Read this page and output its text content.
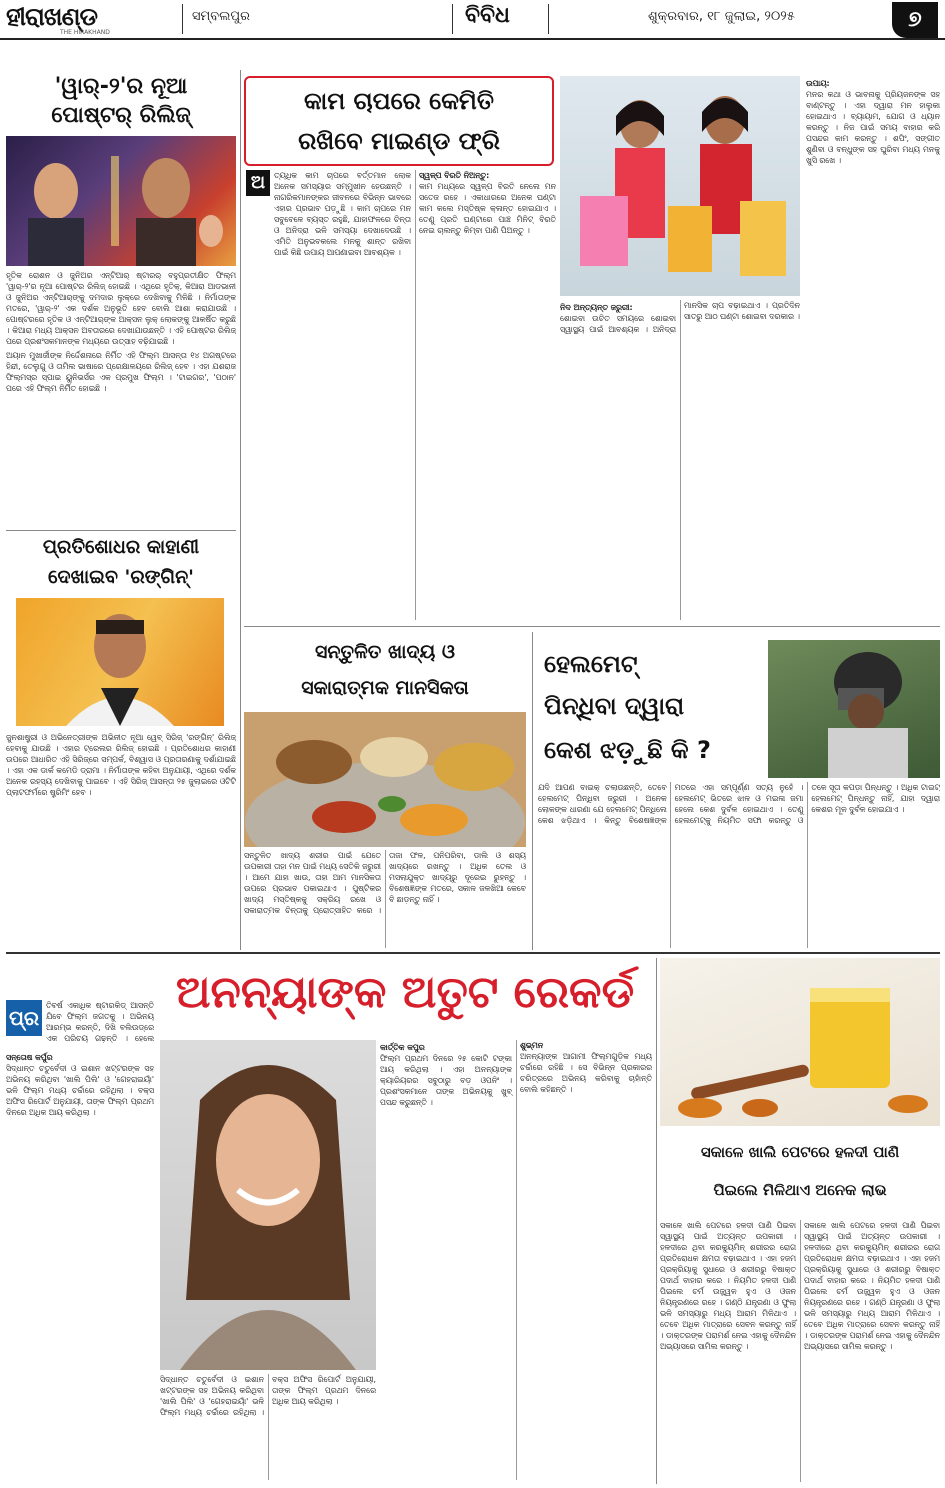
ହୀରାଖଣ୍ଡ
THE HIRAKHAND
ସମ୍ବଲପୁର	ବିବିଧ	ଶୁକ୍ରବାର, ୧୮ ଜୁଲାଇ, ୨୦୨୫	୭
'ୱାର୍-୨'ର ନୂଆ
ପୋଷ୍ଟର୍ ରିଲିଜ୍

ହୃତିକ ରୋଶନ ଓ ଜୁନିଅର ଏନ୍‌ଟିଆର୍ ଷ୍ଟାରର୍ ବହୁପ୍ରତୀକ୍ଷିତ ଫିଲ୍ମ 'ୱାର୍-୨'ର ନୂଆ ପୋଷ୍ଟର ରିଲିଜ୍ ହୋଇଛି । ଏଥିରେ ହୃତିକ୍, କିଆରା ଆଡଭାନୀ ଓ ଜୁନିଅର ଏନ୍‌ଟିଆର୍‌ଙ୍କୁ ଦମଦାର ଲୁକ୍‌ରେ ଦେଖିବାକୁ ମିଳିଛି । ନିର୍ମାତାଙ୍କ ମତରେ, 'ୱାର୍-୨' ଏକ ଦର୍ଶକ ଅନୁଭୂତି ହେବ ବୋଲି ଆଶା କରାଯାଉଛି । ପୋଷ୍ଟରରେ ହୃତିକ ଓ ଏନ୍‌ଟିଆର୍‌ଙ୍କ ଆକ୍ସନ ଲୁକ୍ ଲୋକଙ୍କୁ ଆକର୍ଷିତ କରୁଛି । କିଆରା ମଧ୍ୟ ଆକ୍ସନ ଅବତାରରେ ଦେଖାଯାଉଛନ୍ତି । ଏହି ପୋଷ୍ଟର ରିଲିଜ୍ ପରେ ପ୍ରଶଂସକମାନଙ୍କ ମଧ୍ୟରେ ଉତ୍ସାହ ବଢ଼ିଯାଇଛି ।

ଅୟାନ ମୁଖାର୍ଜୀଙ୍କ ନିର୍ଦ୍ଦେଶନାରେ ନିର୍ମିତ ଏହି ଫିଲ୍ମ ଆସନ୍ତା ୧୪ ଅଗଷ୍ଟରେ ହିନ୍ଦୀ, ତେଲୁଗୁ ଓ ତାମିଲ ଭାଷାରେ ପ୍ରେକ୍ଷାଳୟରେ ରିଲିଜ୍ ହେବ । ଏହା ଯଶରାଜ ଫିଲ୍ମସ୍‌ର ସ୍ପାଇ ୟୁନିଭର୍ସର ଏକ ପ୍ରମୁଖ ଫିଲ୍ମ । 'ଟାଇଗର', 'ପଠାନ' ପରେ ଏହି ଫିଲ୍ମ ନିର୍ମିତ ହୋଇଛି ।

ପ୍ରତିଶୋଧର କାହାଣୀ
ଦେଖାଇବ 'ରଙ୍ଗିନ୍'

ଜୁନଶାଷ୍ଟ୍ରୀ ଓ ଅଭିନେତ୍ରୀଙ୍କ ଅଭିନୀତ ନୂଆ ୱେବ୍ ସିରିଜ୍ 'ରଙ୍ଗିନ୍' ରିଲିଜ୍ ହେବାକୁ ଯାଉଛି । ଏହାର ଟ୍ରେଲର ରିଲିଜ୍ ହୋଇଛି । ପ୍ରତିଶୋଧର କାହାଣୀ ଉପରେ ଆଧାରିତ ଏହି ସିରିଜ୍‌ରେ ସମ୍ପର୍କ, ବିଶ୍ୱାସ ଓ ପ୍ରତାରଣାକୁ ଦର୍ଶାଯାଇଛି । ଏହା ଏକ ଡାର୍କ କମେଡି ଡ୍ରାମା । ନିର୍ମାତାଙ୍କ କହିବା ଅନୁଯାୟୀ, ଏଥିରେ ଦର୍ଶକ ଅନେକ ରହସ୍ୟ ଦେଖିବାକୁ ପାଇବେ । ଏହି ସିରିଜ୍ ଆସନ୍ତା ୨୫ ଜୁଲାଇରେ ଓଟିଟି ପ୍ଲାଟଫର୍ମରେ ଷ୍ଟ୍ରିମିଂ ହେବ ।

କାମ ଚାପରେ କେମିତି
ରଖିବେ ମାଇଣ୍ଡ ଫ୍ରି
ଅ	ତ୍ୟଧିକ କାମ ଚାପରେ ବର୍ତ୍ତମାନ ଲୋକ ଅନେକ ସମସ୍ୟାର ସମ୍ମୁଖୀନ ହେଉଛନ୍ତି । ନାଗରିକମାନଙ୍କର ଜୀବନରେ ବିଭିନ୍ନ ଭାବରେ ଏହାର ପ୍ରଭାବ ପଡ଼ୁଛି । କାମ ଚାପରେ ମନ ସବୁବେଳେ ବ୍ୟସ୍ତ ରହୁଛି, ଯାହାଫଳରେ ଚିନ୍ତା ଓ ଅନିଦ୍ରା ଭଳି ସମସ୍ୟା ଦେଖାଦେଉଛି । ଏମିତି ଅନୁଭବକଲେ ମନକୁ ଶାନ୍ତ ରଖିବା ପାଇଁ କିଛି ଉପାୟ ଆପଣାଇବା ଆବଶ୍ୟକ ।

ସ୍ୱଳ୍ପ ବିରତି ନିଅନ୍ତୁ:

କାମ ମଧ୍ୟରେ ସ୍ୱଳ୍ପ ବିରତି ନେଲେ ମନ ସତେଜ ରହେ । ଏକାଧାରରେ ଅନେକ ଘଣ୍ଟା କାମ କଲେ ମସ୍ତିଷ୍କ କ୍ଳାନ୍ତ ହୋଇଯାଏ । ତେଣୁ ପ୍ରତି ଘଣ୍ଟାରେ ପାଞ୍ଚ ମିନିଟ୍ ବିରତି ନେଇ ଚାଲନ୍ତୁ କିମ୍ବା ପାଣି ପିଅନ୍ତୁ ।

ନିଦ ଅନ୍ତ୍ୟନ୍ତ ଜରୁରୀ:

ଶୋଇବା ଉଚିତ ସମୟରେ ଶୋଇବା ସ୍ୱାସ୍ଥ୍ୟ ପାଇଁ ଆବଶ୍ୟକ । ଅନିଦ୍ରା ମାନସିକ ଚାପ ବଢ଼ାଇଥାଏ । ପ୍ରତିଦିନ ସାତରୁ ଆଠ ଘଣ୍ଟା ଶୋଇବା ଦରକାର ।

ଉପାୟ:

ମନର କଥା ଓ ଭାବନାକୁ ପ୍ରିୟଜନଙ୍କ ସହ ବାଣ୍ଟନ୍ତୁ । ଏହା ଦ୍ୱାରା ମନ ହାଲୁକା ହୋଇଥାଏ । ବ୍ୟାୟାମ, ଯୋଗ ଓ ଧ୍ୟାନ କରନ୍ତୁ । ନିଜ ପାଇଁ ସମୟ ବାହାର କରି ପସନ୍ଦର କାମ କରନ୍ତୁ । ଶପିଂ, ସଙ୍ଗୀତ ଶୁଣିବା ଓ ବନ୍ଧୁଙ୍କ ସହ ଘୁରିବା ମଧ୍ୟ ମନକୁ ଖୁସି ରଖେ ।

ସନ୍ତୁଳିତ ଖାଦ୍ୟ ଓ
ସକାରାତ୍ମକ ମାନସିକତା

ସନ୍ତୁଳିତ ଖାଦ୍ୟ ଶରୀର ପାଇଁ ଯେତେ ଉପକାରୀ ତାହା ମନ ପାଇଁ ମଧ୍ୟ ସେତିକି ଜରୁରୀ । ଆମେ ଯାହା ଖାଉ, ତାହା ଆମ ମାନସିକତା ଉପରେ ପ୍ରଭାବ ପକାଇଥାଏ । ପୁଷ୍ଟିକର ଖାଦ୍ୟ ମସ୍ତିଷ୍କକୁ ସକ୍ରିୟ ରଖେ ଓ ସକାରାତ୍ମକ ଚିନ୍ତାକୁ ପ୍ରୋତ୍ସାହିତ କରେ । ତାଜା ଫଳ, ପନିପରିବା, ଡାଲି ଓ ଶସ୍ୟ ଖାଦ୍ୟରେ ରଖନ୍ତୁ । ଅଧିକ ତେଲ ଓ ମସଲାଯୁକ୍ତ ଖାଦ୍ୟରୁ ଦୂରେଇ ରୁହନ୍ତୁ । ବିଶେଷଜ୍ଞଙ୍କ ମତରେ, ସକାଳ ଜଳଖିଆ କେବେ ବି ଛାଡ଼ନ୍ତୁ ନାହିଁ ।

ହେଲମେଟ୍
ପିନ୍ଧିବା ଦ୍ୱାରା
କେଶ ଝଡ଼ୁଛି କି ?

ଯଦି ଆପଣ ବାଇକ୍ ଚଲାଉଛନ୍ତି, ତେବେ ହେଲମେଟ୍ ପିନ୍ଧିବା ଜରୁରୀ । ଅନେକ ଲୋକଙ୍କ ଧାରଣା ଯେ ହେଲମେଟ୍ ପିନ୍ଧିଲେ କେଶ ଝଡ଼ିଥାଏ । କିନ୍ତୁ ବିଶେଷଜ୍ଞଙ୍କ ମତରେ ଏହା ସମ୍ପୂର୍ଣ୍ଣ ସତ୍ୟ ନୁହେଁ । ହେଲମେଟ୍ ଭିତରେ ଝାଳ ଓ ମଇଳା ଜମା ହେଲେ କେଶ ଦୁର୍ବଳ ହୋଇଥାଏ । ତେଣୁ ହେଲମେଟ୍‌କୁ ନିୟମିତ ସଫା କରନ୍ତୁ ଓ ତଳେ ସୂତା କପଡ଼ା ପିନ୍ଧନ୍ତୁ । ଅଧିକ ଟାଇଟ୍ ହେଲମେଟ୍ ପିନ୍ଧନ୍ତୁ ନାହିଁ, ଯାହା ଦ୍ୱାରା କେଶର ମୂଳ ଦୁର୍ବଳ ହୋଇଯାଏ ।

ପ୍ର	ଅନନ୍ୟାଙ୍କ ଅତୁଟ ରେକର୍ଡ

ତିବର୍ଷ ଏକାଧିକ ଷ୍ଟାରକିଡ୍ ଆସନ୍ତି ଯିବେ ଫିଲ୍ମ ଜଗତକୁ । ଅଭିନୟ ଆରମ୍ଭ କରନ୍ତି, ଦିଖି ବଲିଉଡ୍‌ରେ ଏକ ପରିଚୟ ଗଢ଼ନ୍ତି । ହେଲେ

ସନ୍ତୋଷ କର୍ପୁର

ସିଦ୍ଧାନ୍ତ ଚତୁର୍ବେଦୀ ଓ ଇଶାନ ଖଟ୍ଟରଙ୍କ ସହ ଅଭିନୟ କରିଥିବା 'ଖାଲି ପିଲି' ଓ 'ଗେହରାଇୟାଁ' ଭଳି ଫିଲ୍ମ ମଧ୍ୟ ଚର୍ଚ୍ଚାରେ ରହିଥିଲା । ବକ୍ସ ଅଫିସ ରିପୋର୍ଟ ଅନୁଯାୟୀ, ତାଙ୍କ ଫିଲ୍ମ ପ୍ରଥମ ଦିନରେ ଅଧିକ ଆୟ କରିଥିଲା ।

କାର୍ତ୍ତିକ କପୁର

ଫିଲ୍ମ ପ୍ରଥମ ଦିନରେ ୨୫ କୋଟି ଟଙ୍କା ଆୟ କରିଥିଲା । ଏହା ଅନନ୍ୟାଙ୍କ କ୍ୟାରିୟରର ସବୁଠାରୁ ବଡ଼ ଓପନିଂ । ପ୍ରଶଂସକମାନେ ତାଙ୍କ ଅଭିନୟକୁ ଖୁବ୍ ପସନ୍ଦ କରୁଛନ୍ତି ।

ଶୁଭ୍ମନ

ଅନନ୍ୟାଙ୍କ ଆଗାମୀ ଫିଲ୍ମଗୁଡ଼ିକ ମଧ୍ୟ ଚର୍ଚ୍ଚାରେ ରହିଛି । ସେ ବିଭିନ୍ନ ପ୍ରକାରର ଚରିତ୍ରରେ ଅଭିନୟ କରିବାକୁ ଚାହାଁନ୍ତି ବୋଲି କହିଛନ୍ତି ।

ସିଦ୍ଧାନ୍ତ ଚତୁର୍ବେଦୀ ଓ ଇଶାନ ଖଟ୍ଟରଙ୍କ ସହ ଅଭିନୟ କରିଥିବା 'ଖାଲି ପିଲି' ଓ 'ଗେହରାଇୟାଁ' ଭଳି ଫିଲ୍ମ ମଧ୍ୟ ଚର୍ଚ୍ଚାରେ ରହିଥିଲା । ବକ୍ସ ଅଫିସ ରିପୋର୍ଟ ଅନୁଯାୟୀ, ତାଙ୍କ ଫିଲ୍ମ ପ୍ରଥମ ଦିନରେ ଅଧିକ ଆୟ କରିଥିଲା ।

ସକାଳେ ଖାଲି ପେଟରେ ହଳଦୀ ପାଣି
ପିଇଲେ ମିଳିଥାଏ ଅନେକ ଲାଭ

ସକାଳେ ଖାଲି ପେଟରେ ହଳଦୀ ପାଣି ପିଇବା ସ୍ୱାସ୍ଥ୍ୟ ପାଇଁ ଅତ୍ୟନ୍ତ ଉପକାରୀ । ହଳଦୀରେ ଥିବା କରକ୍ୟୁମିନ୍ ଶରୀରର ରୋଗ ପ୍ରତିରୋଧକ କ୍ଷମତା ବଢ଼ାଇଥାଏ । ଏହା ହଜମ ପ୍ରକ୍ରିୟାକୁ ସୁଧାରେ ଓ ଶରୀରରୁ ବିଷାକ୍ତ ପଦାର୍ଥ ବାହାର କରେ । ନିୟମିତ ହଳଦୀ ପାଣି ପିଇଲେ ଚର୍ମ ଉଜ୍ଜ୍ୱଳ ହୁଏ ଓ ଓଜନ ନିୟନ୍ତ୍ରଣରେ ରହେ । ଗଣ୍ଠି ଯନ୍ତ୍ରଣା ଓ ଫୁଲା ଭଳି ସମସ୍ୟାରୁ ମଧ୍ୟ ଆରାମ ମିଳିଥାଏ । ତେବେ ଅଧିକ ମାତ୍ରାରେ ସେବନ କରନ୍ତୁ ନାହିଁ । ଡାକ୍ତରଙ୍କ ପରାମର୍ଶ ନେଇ ଏହାକୁ ଦୈନନ୍ଦିନ ଅଭ୍ୟାସରେ ସାମିଲ କରନ୍ତୁ ।

ସକାଳେ ଖାଲି ପେଟରେ ହଳଦୀ ପାଣି ପିଇବା ସ୍ୱାସ୍ଥ୍ୟ ପାଇଁ ଅତ୍ୟନ୍ତ ଉପକାରୀ । ହଳଦୀରେ ଥିବା କରକ୍ୟୁମିନ୍ ଶରୀରର ରୋଗ ପ୍ରତିରୋଧକ କ୍ଷମତା ବଢ଼ାଇଥାଏ । ଏହା ହଜମ ପ୍ରକ୍ରିୟାକୁ ସୁଧାରେ ଓ ଶରୀରରୁ ବିଷାକ୍ତ ପଦାର୍ଥ ବାହାର କରେ । ନିୟମିତ ହଳଦୀ ପାଣି ପିଇଲେ ଚର୍ମ ଉଜ୍ଜ୍ୱଳ ହୁଏ ଓ ଓଜନ ନିୟନ୍ତ୍ରଣରେ ରହେ । ଗଣ୍ଠି ଯନ୍ତ୍ରଣା ଓ ଫୁଲା ଭଳି ସମସ୍ୟାରୁ ମଧ୍ୟ ଆରାମ ମିଳିଥାଏ । ତେବେ ଅଧିକ ମାତ୍ରାରେ ସେବନ କରନ୍ତୁ ନାହିଁ । ଡାକ୍ତରଙ୍କ ପରାମର୍ଶ ନେଇ ଏହାକୁ ଦୈନନ୍ଦିନ ଅଭ୍ୟାସରେ ସାମିଲ କରନ୍ତୁ ।
